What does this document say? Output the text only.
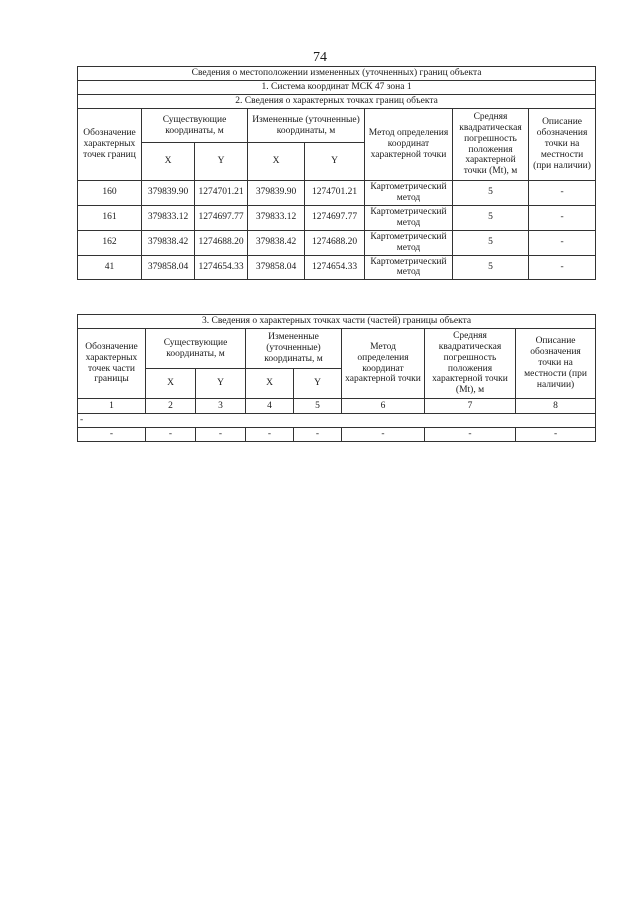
74
Сведения о местоположении измененных (уточненных) границ объекта							
1. Система координат МСК 47 зона 1							
2. Сведения о характерных точках границ объекта							
Обозначение характерных точек границ	Существующие координаты, м		Измененные (уточненные) координаты, м		Метод определения координат характерной точки	Средняя квадратическая погрешность положения характерной точки (Mt), м	Описание обозначения точки на местности (при наличии)
	X	Y	X	Y			
160	379839.90	1274701.21	379839.90	1274701.21	Картометрический метод	5	-
161	379833.12	1274697.77	379833.12	1274697.77	Картометрический метод	5	-
162	379838.42	1274688.20	379838.42	1274688.20	Картометрический метод	5	-
41	379858.04	1274654.33	379858.04	1274654.33	Картометрический метод	5	-
3. Сведения о характерных точках части (частей) границы объекта							
Обозначение характерных точек части границы	Существующие координаты, м		Измененные (уточненные) координаты, м		Метод определения координат характерной точки	Средняя квадратическая погрешность положения характерной точки (Mt), м	Описание обозначения точки на местности (при наличии)
	X	Y	X	Y			
1	2	3	4	5	6	7	8
-							
-	-	-	-	-	-	-	-
